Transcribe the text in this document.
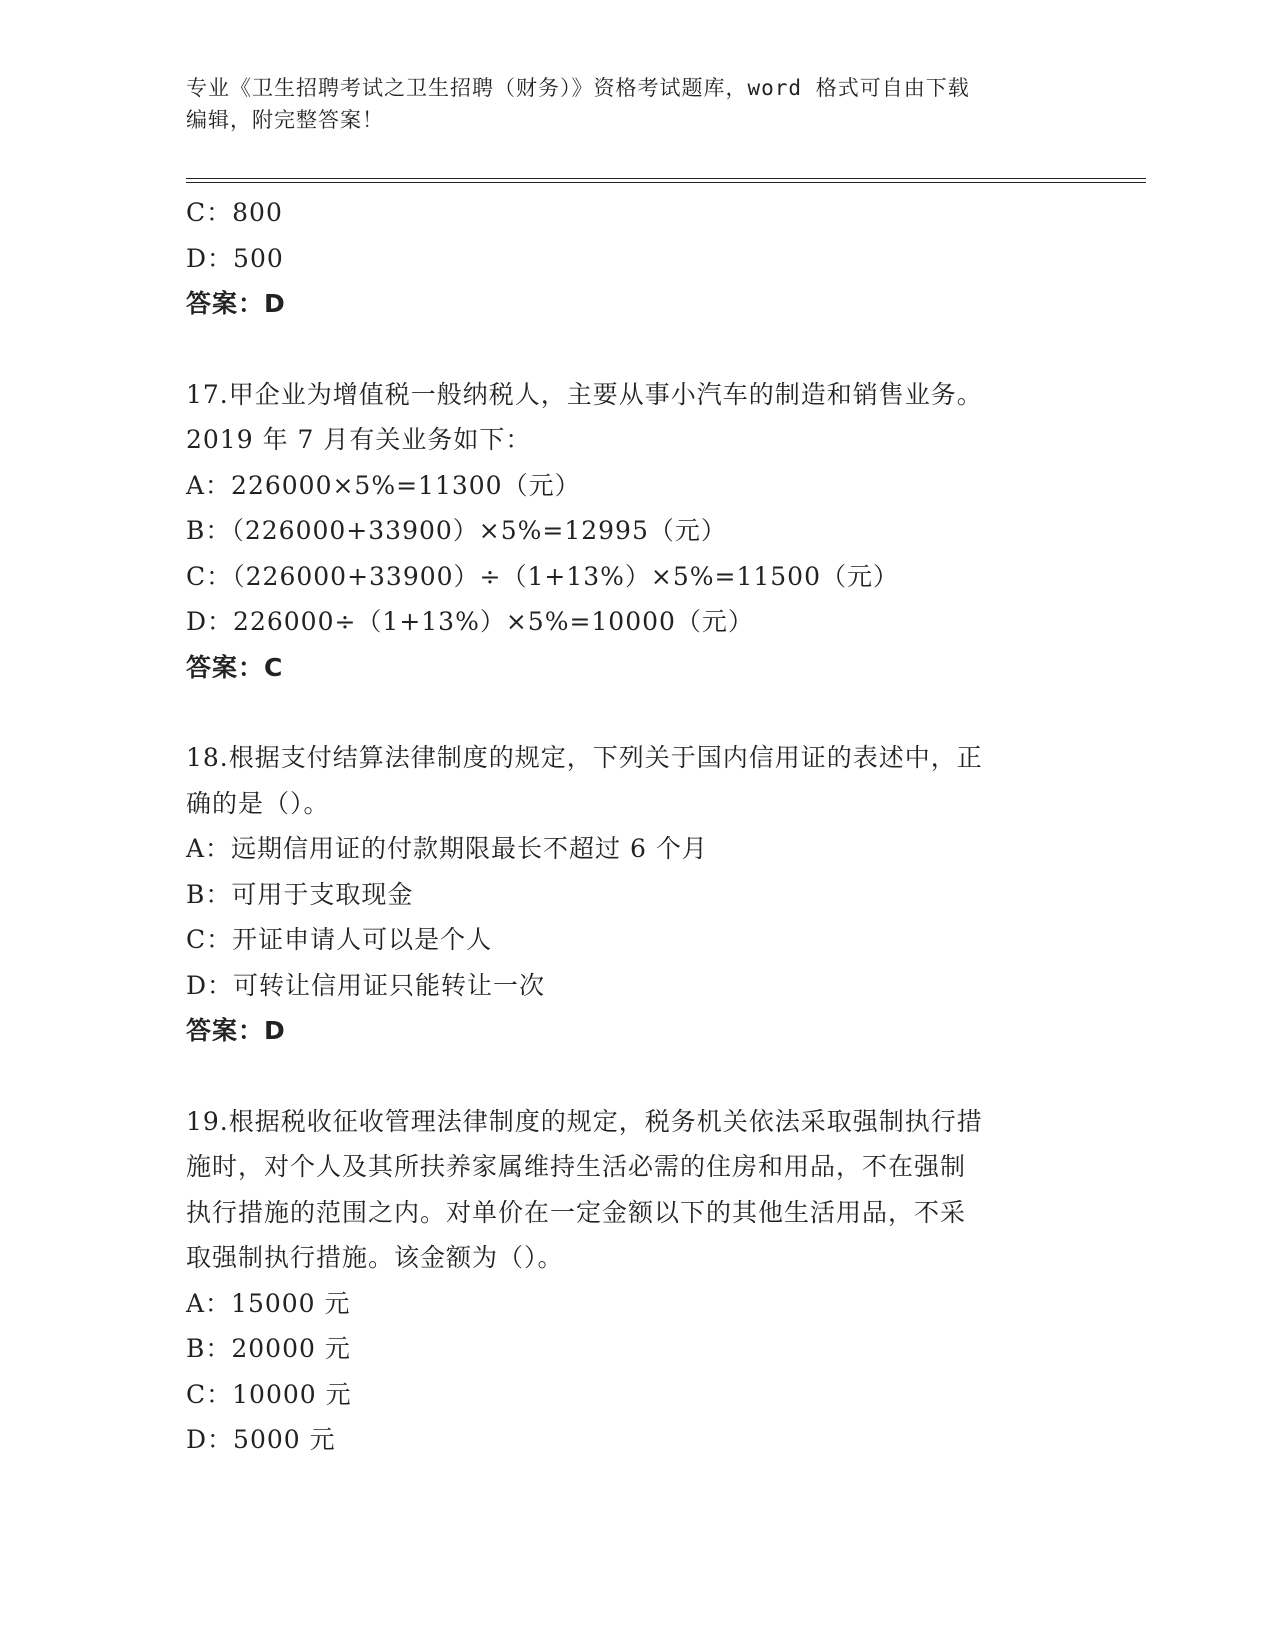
专业《卫生招聘考试之卫生招聘（财务）》资格考试题库，word 格式可自由下载
编辑，附完整答案！
C：800
D：500
答案：D
17.甲企业为增值税一般纳税人，主要从事小汽车的制造和销售业务。
2019 年 7 月有关业务如下：
A：226000×5%=11300（元）
B：（226000+33900）×5%=12995（元）
C：（226000+33900）÷（1+13%）×5%=11500（元）
D：226000÷（1+13%）×5%=10000（元）
答案：C
18.根据支付结算法律制度的规定，下列关于国内信用证的表述中，正
确的是（）。
A：远期信用证的付款期限最长不超过 6 个月
B：可用于支取现金
C：开证申请人可以是个人
D：可转让信用证只能转让一次
答案：D
19.根据税收征收管理法律制度的规定，税务机关依法采取强制执行措
施时，对个人及其所扶养家属维持生活必需的住房和用品，不在强制
执行措施的范围之内。对单价在一定金额以下的其他生活用品，不采
取强制执行措施。该金额为（）。
A：15000 元
B：20000 元
C：10000 元
D：5000 元
